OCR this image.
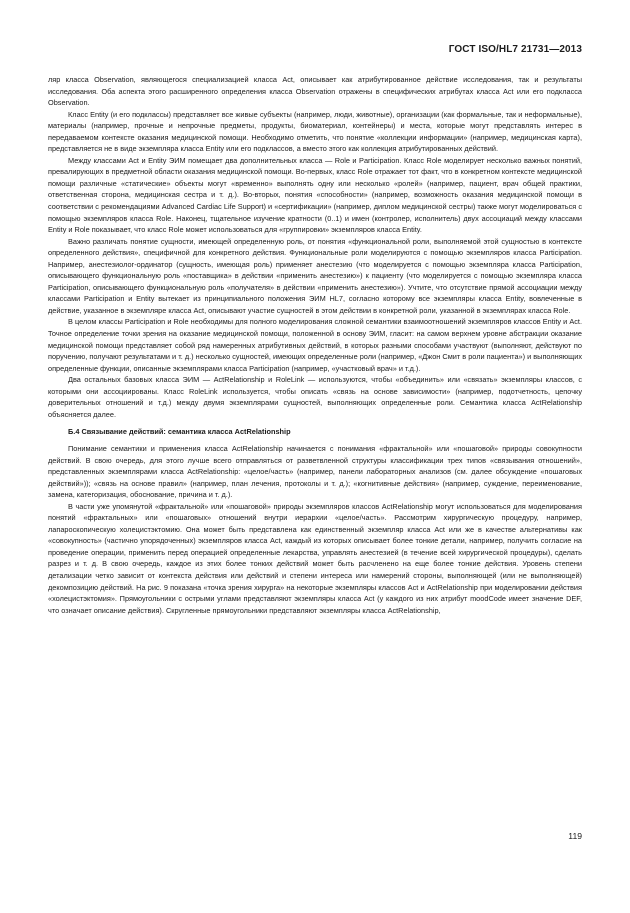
ГОСТ ISO/HL7 21731—2013

ляр класса Observation, являющегося специализацией класса Act, описывает как атрибутированное действие исследования, так и результаты исследования. Оба аспекта этого расширенного определения класса Observation отражены в специфических атрибутах класса Act или его подкласса Observation.

Класс Entity (и его подклассы) представляет все живые субъекты (например, люди, животные), организации (как формальные, так и неформальные), материалы (например, прочные и непрочные предметы, продукты, биоматериал, контейнеры) и места, которые могут представлять интерес в передаваемом контексте оказания медицинской помощи. Необходимо отметить, что понятие «коллекции информации» (например, медицинская карта), представляется не в виде экземпляра класса Entity или его подклассов, а вместо этого как коллекция атрибутированных действий.

Между классами Act и Entity ЭИМ помещает два дополнительных класса — Role и Participation. Класс Role моделирует несколько важных понятий, превалирующих в предметной области оказания медицинской помощи. Во-первых, класс Role отражает тот факт, что в конкретном контексте медицинской помощи различные «статические» объекты могут «временно» выполнять одну или несколько «ролей» (например, пациент, врач общей практики, ответственная сторона, медицинская сестра и т. д.). Во-вторых, понятия «способности» (например, возможность оказания медицинской помощи в соответствии с рекомендациями Advanced Cardiac Life Support) и «сертификации» (например, диплом медицинской сестры) также могут моделироваться с помощью экземпляров класса Role. Наконец, тщательное изучение кратности (0..1) и имен (контролер, исполнитель) двух ассоциаций между классами Entity и Role показывает, что класс Role может использоваться для «группировки» экземпляров класса Entity.

Важно различать понятие сущности, имеющей определенную роль, от понятия «функциональной роли, выполняемой этой сущностью в контексте определенного действия», специфичной для конкретного действия. Функциональные роли моделируются с помощью экземпляров класса Participation. Например, анестезиолог-ординатор (сущность, имеющая роль) применяет анестезию (что моделируется с помощью экземпляра класса Participation, описывающего функциональную роль «поставщика» в действии «применить анестезию») к пациенту (что моделируется с помощью экземпляра класса Participation, описывающего функциональную роль «получателя» в действии «применить анестезию»). Учтите, что отсутствие прямой ассоциации между классами Participation и Entity вытекает из принципиального положения ЭИМ HL7, согласно которому все экземпляры класса Entity, вовлеченные в действие, указанное в экземпляре класса Act, описывают участие сущностей в этом действии в конкретной роли, указанной в экземплярах класса Role.

В целом классы Participation и Role необходимы для полного моделирования сложной семантики взаимоотношений экземпляров классов Entity и Act. Точное определение точки зрения на оказание медицинской помощи, положенной в основу ЭИМ, гласит: на самом верхнем уровне абстракции оказание медицинской помощи представляет собой ряд намеренных атрибутивных действий, в которых разными способами участвуют (выполняют, действуют по поручению, получают результатами и т. д.) несколько сущностей, имеющих определенные роли (например, «Джон Смит в роли пациента») и выполняющих определенные функции, описанные экземплярами класса Participation (например, «участковый врач» и т.д.).

Два остальных базовых класса ЭИМ — ActRelationship и RoleLink — используются, чтобы «объединить» или «связать» экземпляры классов, с которыми они ассоциированы. Класс RoleLink используется, чтобы описать «связь на основе зависимости» (например, подотчетность, цепочку доверительных отношений и т.д.) между двумя экземплярами сущностей, выполняющих определенные роли. Семантика класса ActRelationship объясняется далее.

Б.4 Связывание действий: семантика класса ActRelationship

Понимание семантики и применения класса ActRelationship начинается с понимания «фрактальной» или «пошаговой» природы совокупности действий. В свою очередь, для этого лучше всего отправляться от разветвленной структуры классификации трех типов «связывания отношений», представленных экземплярами класса ActRelationship: «целое/часть» (например, панели лабораторных анализов (см. далее обсуждение «пошаговых действий»)); «связь на основе правил» (например, план лечения, протоколы и т. д.); «когнитивные действия» (например, суждение, переименование, замена, категоризация, обоснование, причина и т. д.).

В части уже упомянутой «фрактальной» или «пошаговой» природы экземпляров классов ActRelationship могут использоваться для моделирования понятий «фрактальных» или «пошаговых» отношений внутри иерархии «целое/часть». Рассмотрим хирургическую процедуру, например, лапароскопическую холецистэктомию. Она может быть представлена как единственный экземпляр класса Act или же в качестве альтернативы как «совокупность» (частично упорядоченных) экземпляров класса Act, каждый из которых описывает более тонкие детали, например, получить согласие на проведение операции, применить перед операцией определенные лекарства, управлять анестезией (в течение всей хирургической процедуры), сделать разрез и т. д. В свою очередь, каждое из этих более тонких действий может быть расчленено на еще более тонкие действия. Уровень степени детализации четко зависит от контекста действия или действий и степени интереса или намерений стороны, выполняющей (или не выполняющей) декомпозицию действий. На рис. 9 показана «точка зрения хирурга» на некоторые экземпляры классов Act и ActRelationship при моделировании действия «холецистэктомия». Прямоугольники с острыми углами представляют экземпляры класса Act (у каждого из них атрибут moodCode имеет значение DEF, что означает описание действия). Скругленные прямоугольники представляют экземпляры класса ActRelationship,

119
